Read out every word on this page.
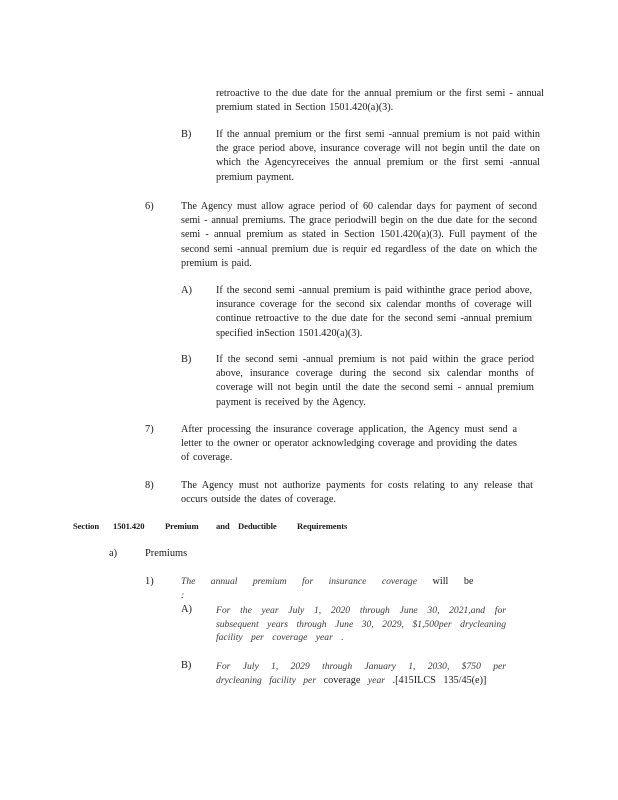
retroactive to the due date for the annual premium or the first semi - annual premium stated in Section 1501.420(a)(3).
B) If the annual premium or the first semi -annual premium is not paid within the grace period above, insurance coverage will not begin until the date on which the Agencyreceives the annual premium or the first semi -annual premium payment.
6)	The Agency must allow agrace period of 60 calendar days for payment of second semi - annual premiums. The grace periodwill begin on the due date for the second semi - annual premium as stated in Section 1501.420(a)(3). Full payment of the second semi -annual premium due is requir ed regardless of the date on which the premium is paid.
A) If the second semi -annual premium is paid withinthe grace period above, insurance coverage for the second six calendar months of coverage will continue retroactive to the due date for the second semi -annual premium specified inSection 1501.420(a)(3).
B) If the second semi -annual premium is not paid within the grace period above, insurance coverage during the second six calendar months of coverage will not begin until the date the second semi - annual premium payment is received by the Agency.
7)	After processing the insurance coverage application, the Agency must send a letter to the owner or operator acknowledging coverage and providing the dates of coverage.
8)	The Agency must not authorize payments for costs relating to any release that occurs outside the dates of coverage.
Section 1501.420 Premium and Deductible Requirements
a)	Premiums
1)	The annual premium for insurance coverage will be :
A)	For the year July 1, 2020 through June 30, 2021,and for subsequent years through June 30, 2029, $1,500per drycleaning facility per coverage year .
B)	For July 1, 2029 through January 1, 2030, $750 per drycleaning facility per coverage year .[415ILCS 135/45(e)]
